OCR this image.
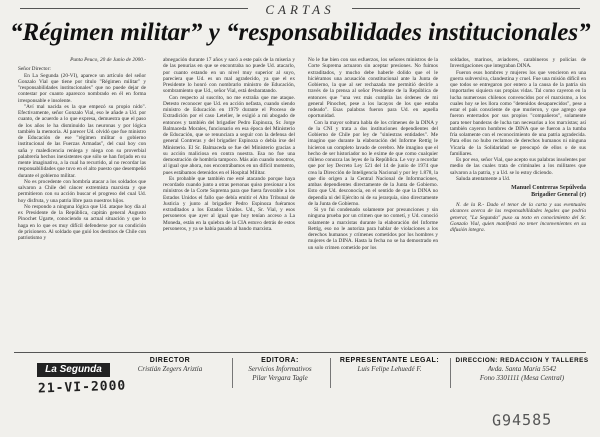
CARTAS
“Régimen militar” y “responsabilidades institucionales”

Punta Peuco, 20 de Junio de 2000.-

Señor Director:

En La Segunda (20-VI), aparece un artículo del señor Gonzalo Vial que tiene por título "Régimen militar" y "responsabilidades institucionales" que no puede dejar de contestar por cuanto aparezco nombrado en él en forma irresponsable e insolente.

"Aví mal nacida es la que empezó su propio nido". Efectivamente, señor Gonzalo Vial, eso le añade a Ud. por cuanto, de acuerdo a lo que expresa, demuestra que el paso de los años le ha disminuido las neuronas y por lógica también la memoria. Al parecer Ud. olvidó que fue ministro de Educación de ese "régimen militar o gobierno institucional de las Fuerzas Armadas", del cual hoy con saña y maledicencia reniega y niega con su proverbial palabrería hechos inexistentes que sólo se han forjado en su mente imaginativa, a la cual ha recurrido, al no recordar las responsabilidades que tuvo en el alto puesto que desempeñó durante el gobierno militar.

No es procedente con hombría atacar a los soldados que salvaron a Chile del cáncer extremista marxista y que permitieron con su acción buscar el progreso del cual Ud. hoy disfruta, y una patria libre para nuestros hijos.

No respondo a ninguna lógica que Ud. ataque hoy día al ex Presidente de la República, capitán general Augusto Pinochet Ugarte, conociendo su actual situación y que lo haga en lo que es muy difícil defenderse por su condición de prisionero. Al soldado que guió los destinos de Chile con patriotismo y

abnegación durante 17 años y sacó a este país de la miseria y de las penurias en que se encontraba no puede Ud. atacarlo, por cuanto estando en un nivel muy superior al suyo, pareciera que Ud. es un mal agradecido, ya que el ex Presidente lo honró con nombrarlo ministro de Educación, sombramiento que Ud., señor Vial, está desbaratando.

Con respecto al suscrito, no me extraña que me ataque. Detesto reconocer que Ud. en acción nefasta, cuando siendo ministro de Educación en 1979 durante el Proceso de Extradición por el caso Letelier, le exigió a mi abogado de entonces y también del brigadier Pedro Espinoza, Sr. Jorge Balmaceda Morales, funcionario en esa época del Ministerio de Educación, que se renunciara a seguir con la defensa del general Contreras y del brigadier Espinoza o debía irse del Ministerio. El Sr. Balmaceda se fue del Ministerio gracias a su acción maliciosa en contra nuestra. Esa no fue una demostración de hombría tampoco. Más aún cuando nosotros, al igual que ahora, nos encontrábamos en un difícil momento, pues estábamos detenidos en el Hospital Militar.

Es probable que también me esté atacando porque haya recordado cuando junto a otras personas quiso presionar a los ministros de la Corte Suprema para que fuera favorable a los Estados Unidos el fallo que debía emitir el Alto Tribunal de Justicia y junto al brigadier Pedro Espinoza fuéramos extraditados a los Estados Unidos. Ud., Sr. Vial, y esos personeros que ayer al igual que hoy tenían acceso a La Moneda, están en la quiebra de la CIA estuvo detrás de estos personeros, y ya se había pasado al bando marxista.

No le fue bien con sus esfuerzos, los señores ministros de la Corte Suprema actuaron sin aceptar presiones. No fuimos extraditados, y mucho debe haberle dolido que el le hiciéramos una acusación constitucional ante la Junta de Gobierno, la que al ser rechazada me permitió decirle a través de la prensa al señor Presidente de la República de entonces que "una vez más cumplía las órdenes de mi general Pinochet, pese a los lacayos de los que estaba rodeado". Esas palabras fueron para Ud. en aquella oportunidad.

Con la mayor soltura habla de los crímenes de la DINA y de la CNI y trata a dos instituciones dependientes del Gobierno de Chile por ley de "siniestras entidades". Me imagino que durante la elaboración del Informe Rettig le hicieron un completo lavado de cerebro. Me imagino que el hecho de ser historiador no le exime de que como cualquier chileno conozca las leyes de la República. Le voy a recordar que por ley Decreto Ley 521 del 14 de junio de 1974 que crea la Dirección de Inteligencia Nacional y por ley 1.878, la que dio origen a la Central Nacional de Informaciones, ambas dependientes directamente de la Junta de Gobierno. Esto que Ud. desconocía, en el sentido de que la DINA no dependía ni del Ejército ni de su jerarquía, sino directamente de la Junta de Gobierno.

Si yo fui condenado solamente por presunciones y sin ninguna prueba por un crimen que no cometí, y Ud. conoció solamente a marxistas durante la elaboración del Informe Rettig, eso no le autoriza para hablar de violaciones a los derechos humanos y crímenes cometidos por los hombres y mujeres de la DINA. Hasta la fecha no se ha demostrado en un solo crimen cometido por los

soldados, marinos, aviadores, carabineros y policías de Investigaciones que integraban DINA.

Fueron esos hombres y mujeres los que vencieron en una guerra subversiva, clandestina y cruel. Fue una misión difícil en que todos se entregaron por entero a la causa de la patria sin importarles siquiera sus propias vidas. Tal como cayeron en la lucha numerosos chilenos convencidos por el marxismo, a los cuales hoy se les llora como "detenidos desaparecidos", pese a estar el país consciente de que murieron, y que agrego que fueron enterrados por sus propios "compañeros", solamente para tener banderas de lucha tan necesarias a los marxistas; así también cayeron hombres de DINA que se fueron a la tumba fría solamente con el reconocimiento de una patria agradecida. Para ellos no hubo reclamos de derechos humanos ni ninguna Vicaría de la Solidaridad se preocupó de ellos o de sus familiares.

Es por eso, señor Vial, que acepto sus palabras insolentes por medio de las cuales trata de criminales a los militares que salvaron a la patria, y a Ud. se lo estoy diciendo.

Saluda atentamente a Ud.

Manuel Contreras Sepúlveda

Brigadier General (r)

N. de la R.- Dado el tenor de la carta y sus eventuales alcances acerca de las responsabilidades legales que podría generar, "La Segunda" puso su texto en conocimiento del Sr. Gonzalo Vial, quien manifestó no tener inconvenientes en su difusión íntegra.

La Segunda
21-VI-2000
DIRECTOR
Cristián Zegers Ariztía
EDITORA:
Servicios Informativos
Pilar Vergara Tagle
REPRESENTANTE LEGAL:
Luis Felipe Lehuedé F.
DIRECCION: REDACCION Y TALLERES
Avda. Santa María 5542
Fono 3301111 (Mesa Central)
G94585
